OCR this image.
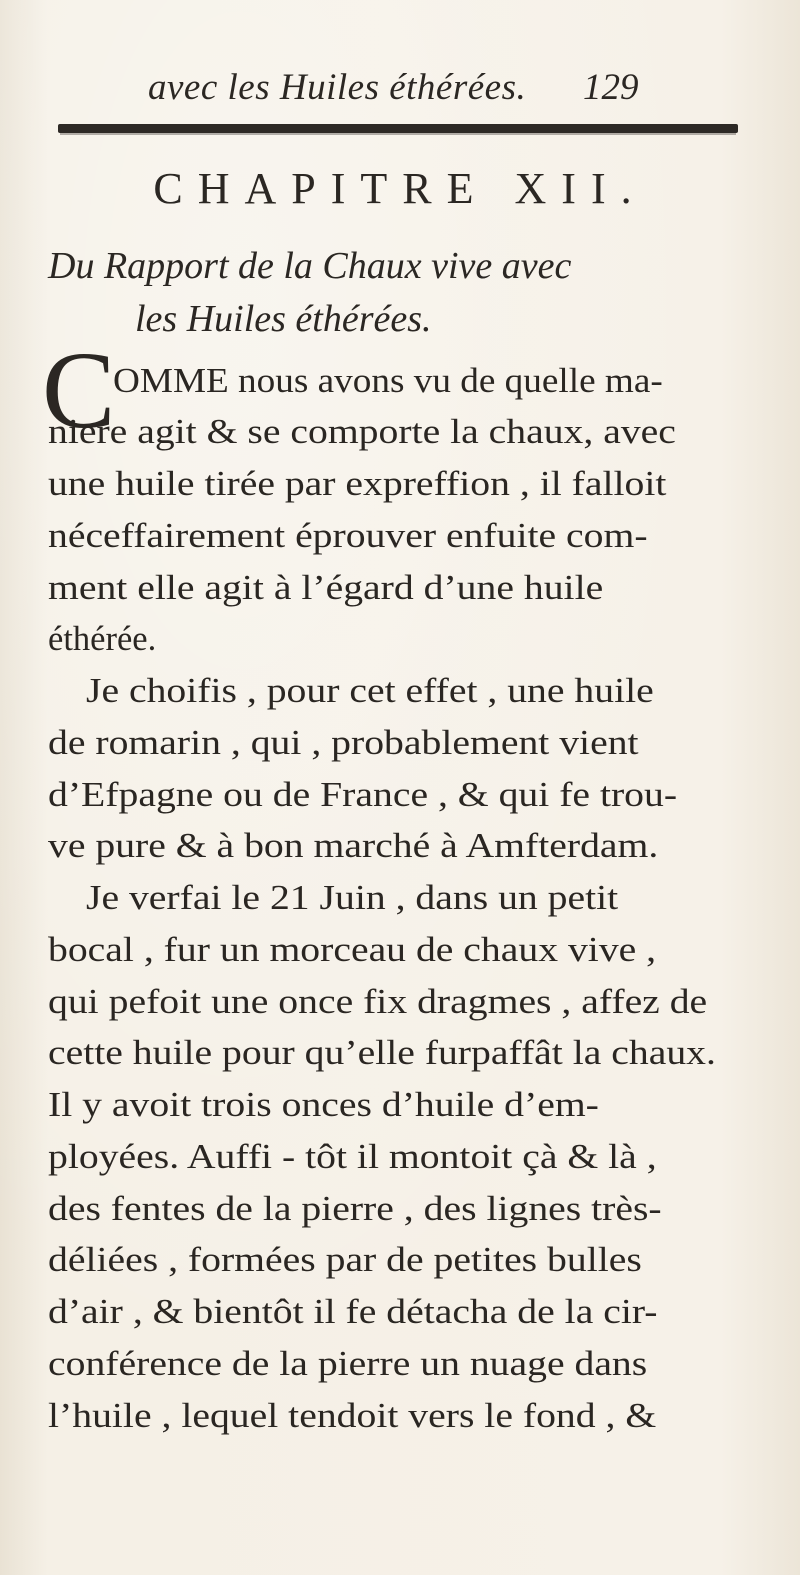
avec les Huiles éthérées. 129
CHAPITRE XII.
Du Rapport de la Chaux vive avec
les Huiles éthérées.
C
OMME nous avons vu de quelle ma-
niere agit & se comporte la chaux, avec
une huile tirée par expreffion , il falloit
néceffairement éprouver enfuite com-
ment elle agit à l’égard d’une huile
éthérée.
Je choifis , pour cet effet , une huile
de romarin , qui , probablement vient
d’Efpagne ou de France , & qui fe trou-
ve pure & à bon marché à Amfterdam.
Je verfai le 21 Juin , dans un petit
bocal , fur un morceau de chaux vive ,
qui pefoit une once fix dragmes , affez de
cette huile pour qu’elle furpaffât la chaux.
Il y avoit trois onces d’huile d’em-
ployées. Auffi - tôt il montoit çà & là ,
des fentes de la pierre , des lignes très-
déliées , formées par de petites bulles
d’air , & bientôt il fe détacha de la cir-
conférence de la pierre un nuage dans
l’huile , lequel tendoit vers le fond , &
